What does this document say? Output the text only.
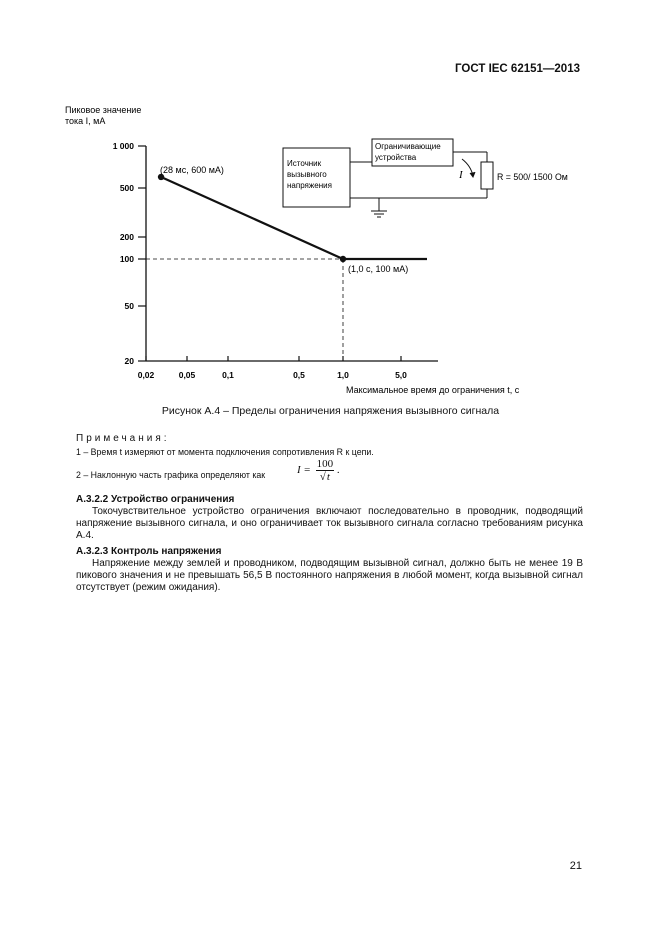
ГОСТ IEC 62151—2013
Пиковое значение
тока I, мА
20
50
100
200
500
1 000
0,02	0,05	0,1	0,5	1,0	5,0
(28 мс, 600 мА)
(1,0 с, 100 мА)
Максимальное время до ограничения t, с
Источник
вызывного
напряжения
Ограничивающие
устройства
I	R = 500/ 1500 Ом
Рисунок А.4 – Пределы ограничения напряжения вызывного сигнала
Примечания:
1 – Время t измеряют от момента подключения сопротивления R к цепи.
2 – Наклонную часть графика определяют как	$I = \frac{100}{√t}$ .
А.3.2.2 Устройство ограничения
Токочувствительное устройство ограничения включают последовательно в проводник, подводящий напряжение вызывного сигнала, и оно ограничивает ток вызывного сигнала согласно требованиям рисунка А.4.
А.3.2.3 Контроль напряжения
Напряжение между землей и проводником, подводящим вызывной сигнал, должно быть не менее 19 В пикового значения и не превышать 56,5 В постоянного напряжения в любой момент, когда вызывной сигнал отсутствует (режим ожидания).
21
